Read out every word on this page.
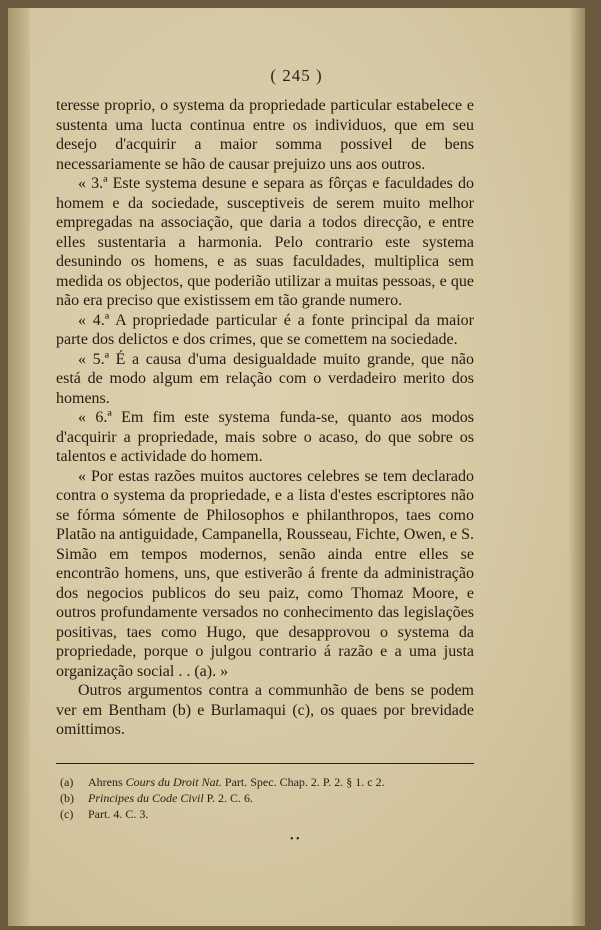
( 245 )

teresse proprio, o systema da propriedade particular estabelece e sustenta uma lucta continua entre os individuos, que em seu desejo d'acquirir a maior somma possivel de bens necessariamente se hão de causar prejuizo uns aos outros.

« 3.ª Este systema desune e separa as fôrças e faculdades do homem e da sociedade, susceptiveis de serem muito melhor empregadas na associação, que daria a todos direcção, e entre elles sustentaria a harmonia. Pelo contrario este systema desunindo os homens, e as suas faculdades, multiplica sem medida os objectos, que poderião utilizar a muitas pessoas, e que não era preciso que existissem em tão grande numero.

« 4.ª A propriedade particular é a fonte principal da maior parte dos delictos e dos crimes, que se comettem na sociedade.

« 5.ª É a causa d'uma desigualdade muito grande, que não está de modo algum em relação com o verdadeiro merito dos homens.

« 6.ª Em fim este systema funda-se, quanto aos modos d'acquirir a propriedade, mais sobre o acaso, do que sobre os talentos e actividade do homem.

« Por estas razões muitos auctores celebres se tem declarado contra o systema da propriedade, e a lista d'estes escriptores não se fórma sómente de Philosophos e philanthropos, taes como Platão na antiguidade, Campanella, Rousseau, Fichte, Owen, e S. Simão em tempos modernos, senão ainda entre elles se encontrão homens, uns, que estiverão á frente da administração dos negocios publicos do seu paiz, como Thomaz Moore, e outros profundamente versados no conhecimento das legislações positivas, taes como Hugo, que desapprovou o systema da propriedade, porque o julgou contrario á razão e a uma justa organização social . . (a). »

Outros argumentos contra a communhão de bens se podem ver em Bentham (b) e Burlamaqui (c), os quaes por brevidade omittimos.

(a) Ahrens Cours du Droit Nat. Part. Spec. Chap. 2. P. 2. § 1. c 2.
(b) Principes du Code Civil P. 2. C. 6.
(c) Part. 4. C. 3.
• •
